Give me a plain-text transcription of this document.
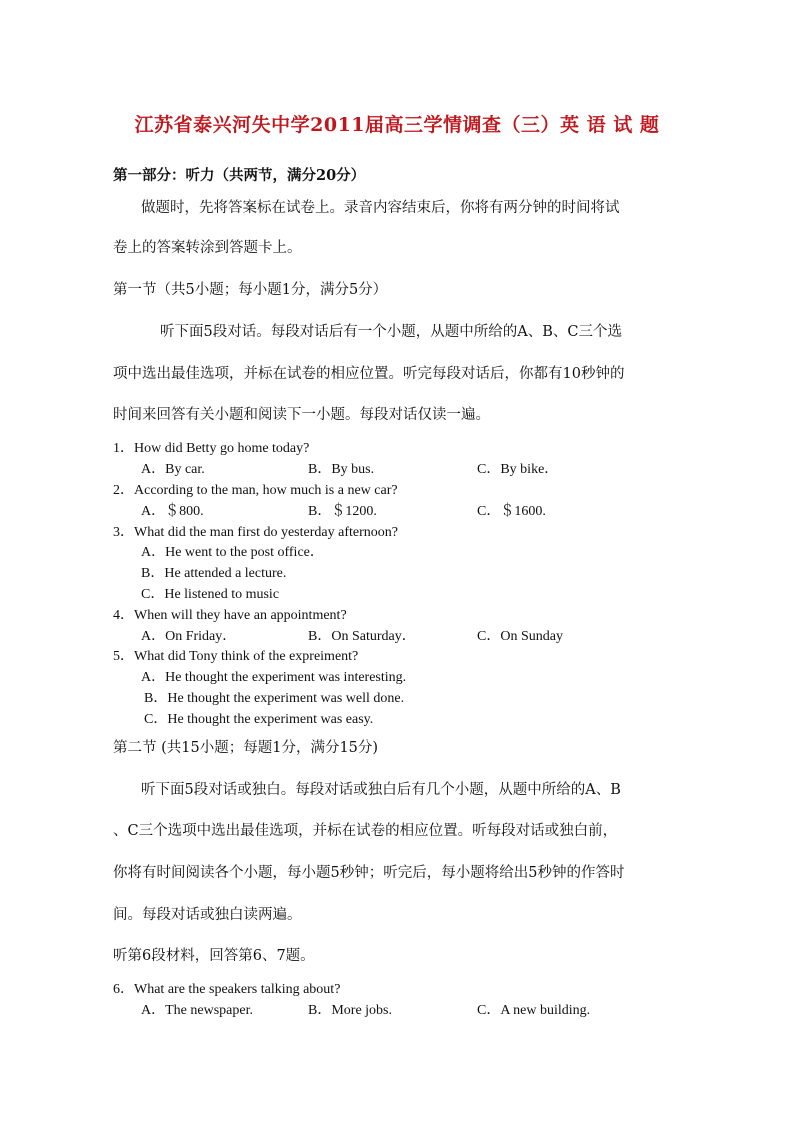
江苏省泰兴河失中学2011届高三学情调查（三）英 语 试 题
第一部分：听力（共两节，满分20分）
做题时，先将答案标在试卷上。录音内容结束后，你将有两分钟的时间将试
卷上的答案转涂到答题卡上。
第一节（共5小题；每小题1分，满分5分）
听下面5段对话。每段对话后有一个小题，从题中所给的A、B、C三个选
项中选出最佳选项，并标在试卷的相应位置。听完每段对话后，你都有10秒钟的
时间来回答有关小题和阅读下一小题。每段对话仅读一遍。
1．How did Betty go home today?
A．By car.	B．By bus.	C．By bike．
2．According to the man, how much is a new car?
A．＄800.	B．＄1200.	C．＄1600.
3．What did the man first do yesterday afternoon?
A．He went to the post office．
B．He attended a lecture.
C．He listened to music
4．When will they have an appointment?
A．On Friday．	B．On Saturday．	C．On Sunday
5．What did Tony think of the expreiment?
A．He thought the experiment was interesting.
B．He thought the experiment was well done.
C．He thought the experiment was easy.
第二节 (共15小题；每题1分，满分15分)
听下面5段对话或独白。每段对话或独白后有几个小题，从题中所给的A、B
、C三个选项中选出最佳选项，并标在试卷的相应位置。听每段对话或独白前，
你将有时间阅读各个小题，每小题5秒钟；听完后，每小题将给出5秒钟的作答时
间。每段对话或独白读两遍。
听第6段材料，回答第6、7题。
6．What are the speakers talking about?
A．The newspaper.	B．More jobs.	C．A new building.
